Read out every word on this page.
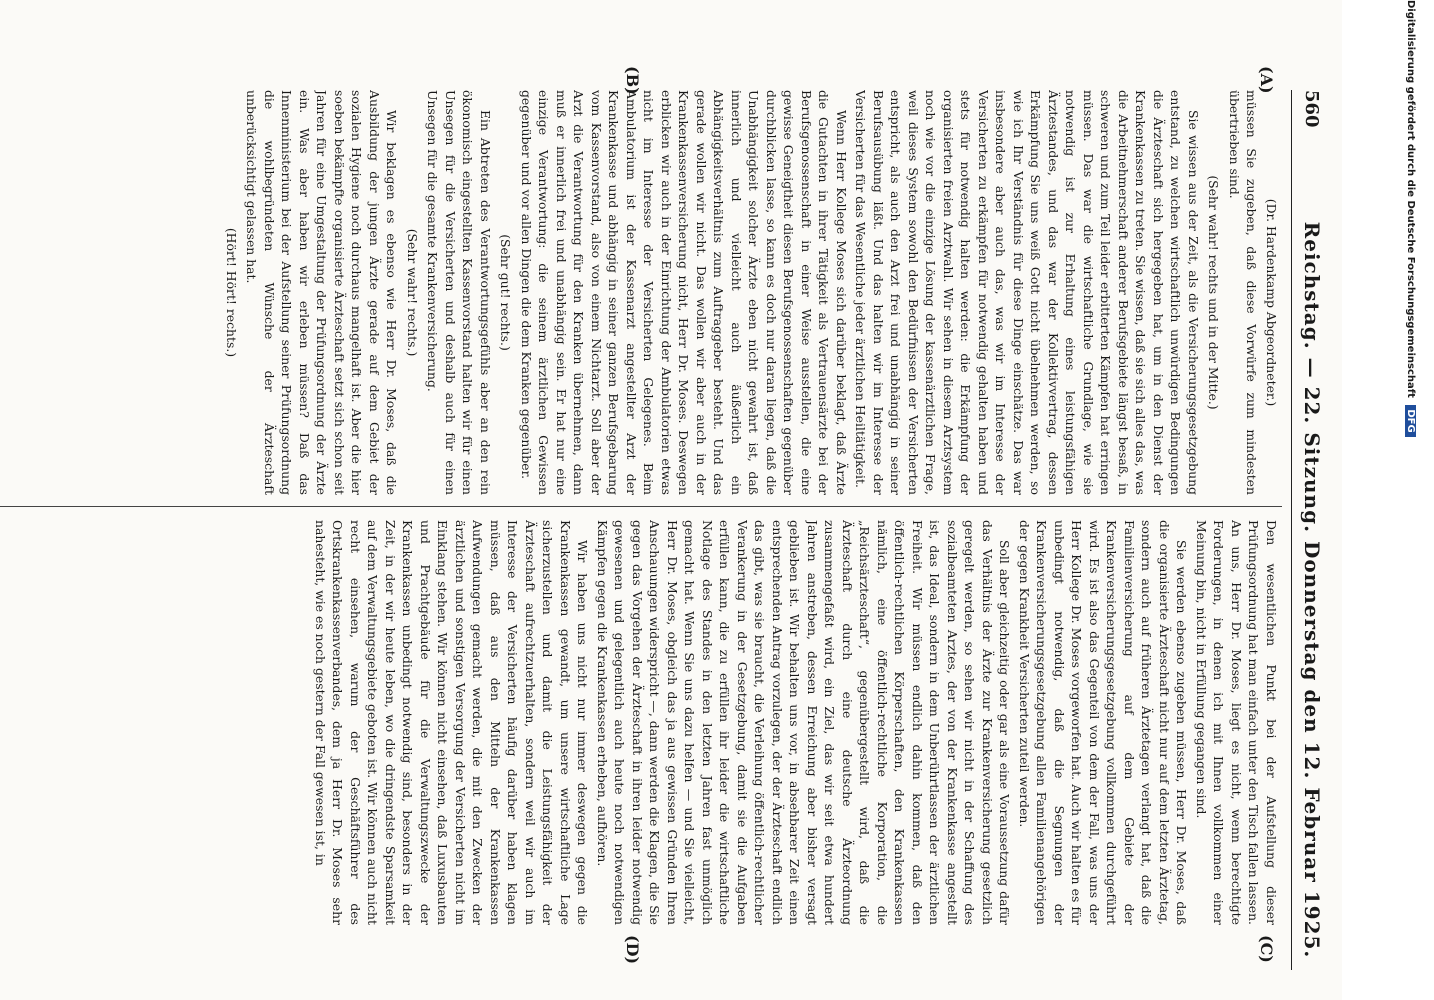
560
Reichstag. — 22. Sitzung. Donnerstag den 12. Februar 1925.

(Dr. Hardenkamp Abgeordneter.)

müssen Sie zugeben, daß diese Vorwürfe zum mindesten übertrieben sind.

(Sehr wahr! rechts und in der Mitte.)

Sie wissen aus der Zeit, als die Versicherungsgesetzgebung entstand, zu welchen wirtschaftlich unwürdigen Bedingungen die Ärzteschaft sich hergegeben hat, um in den Dienst der Krankenkassen zu treten. Sie wissen, daß sie sich alles das, was die Arbeitnehmerschaft anderer Berufsgebiete längst besaß, in schweren und zum Teil leider erbitterten Kämpfen hat erringen müssen. Das war die wirtschaftliche Grundlage, wie sie notwendig ist zur Erhaltung eines leistungsfähigen Ärztestandes, und das war der Kollektivvertrag, dessen Erkämpfung Sie uns weiß Gott nicht übelnehmen werden, so wie ich Ihr Verständnis für diese Dinge einschätze. Das war insbesondere aber auch das, was wir im Interesse der Versicherten zu erkämpfen für notwendig gehalten haben und stets für notwendig halten werden: die Erkämpfung der organisierten freien Arztwahl. Wir sehen in diesem Arztsystem noch wie vor die einzige Lösung der kassenärztlichen Frage, weil dieses System sowohl den Bedürfnissen der Versicherten entspricht, als auch den Arzt frei und unabhängig in seiner Berufsausübung läßt. Und das halten wir im Interesse der Versicherten für das Wesentliche jeder ärztlichen Heiltätigkeit.

Wenn Herr Kollege Moses sich darüber beklagt, daß Ärzte die Gutachten in ihrer Tätigkeit als Vertrauensärzte bei der Berufsgenossenschaft in einer Weise ausstellen, die eine gewisse Geneigtheit diesen Berufsgenossenschaften gegenüber durchblicken lasse, so kann es doch nur daran liegen, daß die Unabhängigkeit solcher Ärzte eben nicht gewahrt ist, daß innerlich und vielleicht auch äußerlich ein Abhängigkeitsverhältnis zum Auftraggeber besteht. Und das gerade wollen wir nicht. Das wollen wir aber auch in der Krankenkassenversicherung nicht, Herr Dr. Moses. Deswegen erblicken wir auch in der Einrichtung der Ambulatorien etwas nicht im Interesse der Versicherten Gelegenes. Beim Ambulatorium ist der Kassenarzt angestellter Arzt der Krankenkasse und abhängig in seiner ganzen Berufsgebarung vom Kassenvorstand, also von einem Nichtarzt. Soll aber der Arzt die Verantwortung für den Kranken übernehmen, dann muß er innerlich frei und unabhängig sein. Er hat nur eine einzige Verantwortung: die seinem ärztlichen Gewissen gegenüber und vor allen Dingen die dem Kranken gegenüber.

(Sehr gut! rechts.)

Ein Abtreten des Verantwortungsgefühls aber an den rein ökonomisch eingestellten Kassenvorstand halten wir für einen Unsegen für die Versicherten und deshalb auch für einen Unsegen für die gesamte Krankenversicherung.

(Sehr wahr! rechts.)

Wir beklagen es ebenso wie Herr Dr. Moses, daß die Ausbildung der jungen Ärzte gerade auf dem Gebiet der sozialen Hygiene noch durchaus mangelhaft ist. Aber die hier soeben bekämpfte organisierte Ärzteschaft setzt sich schon seit Jahren für eine Umgestaltung der Prüfungsordnung der Ärzte ein. Was aber haben wir erleben müssen? Daß das Innenministerium bei der Aufstellung seiner Prüfungsordnung die wohlbegründeten Wünsche der Ärzteschaft unberücksichtigt gelassen hat.

(Hört! Hört! rechts.)

Den wesentlichen Punkt bei der Aufstellung dieser Prüfungsordnung hat man einfach unter den Tisch fallen lassen. An uns, Herr Dr. Moses, liegt es nicht, wenn berechtigte Forderungen, in denen ich mit Ihnen vollkommen einer Meinung bin, nicht in Erfüllung gegangen sind.

Sie werden ebenso zugeben müssen, Herr Dr. Moses, daß die organisierte Ärzteschaft nicht nur auf dem letzten Ärztetag, sondern auch auf früheren Ärztetagen verlangt hat, daß die Familienversicherung auf dem Gebiete der Krankenversicherungsgesetzgebung vollkommen durchgeführt wird. Es ist also das Gegenteil von dem der Fall, was uns der Herr Kollege Dr. Moses vorgeworfen hat. Auch wir halten es für unbedingt notwendig, daß die Segnungen der Krankenversicherungsgesetzgebung allen Familienangehörigen der gegen Krankheit Versicherten zuteil werden.

Soll aber gleichzeitig oder gar als eine Voraussetzung dafür das Verhältnis der Ärzte zur Krankenversicherung gesetzlich geregelt werden, so sehen wir nicht in der Schaffung des sozialbeamteten Arztes, der von der Krankenkasse angestellt ist, das Ideal, sondern in dem Unberührtlassen der ärztlichen Freiheit. Wir müssen endlich dahin kommen, daß den öffentlich-rechtlichen Körperschaften, den Krankenkassen nämlich, eine öffentlich-rechtliche Korporation, die „Reichsärzteschaft“, gegenübergestellt wird, daß die Ärzteschaft durch eine deutsche Ärzteordnung zusammengefaßt wird, ein Ziel, das wir seit etwa hundert Jahren anstreben, dessen Erreichung aber bisher versagt geblieben ist. Wir behalten uns vor, in absehbarer Zeit einen entsprechenden Antrag vorzulegen, der der Ärzteschaft endlich das gibt, was sie braucht, die Verleihung öffentlich-rechtlicher Verankerung in der Gesetzgebung, damit sie die Aufgaben erfüllen kann, die zu erfüllen ihr leider die wirtschaftliche Notlage des Standes in den letzten Jahren fast unmöglich gemacht hat. Wenn Sie uns dazu helfen — und Sie vielleicht, Herr Dr. Moses, obgleich das ja aus gewissen Gründen Ihren Anschauungen widerspricht —, dann werden die Klagen, die Sie gegen das Vorgehen der Ärzteschaft in ihren leider notwendig gewesenen und gelegentlich auch heute noch notwendigen Kämpfen gegen die Krankenkassen erheben, aufhören.

Wir haben uns nicht nur immer deswegen gegen die Krankenkassen gewandt, um unsere wirtschaftliche Lage sicherzustellen und damit die Leistungsfähigkeit der Ärzteschaft aufrechtzuerhalten, sondern weil wir auch im Interesse der Versicherten häufig darüber haben klagen müssen, daß aus den Mitteln der Krankenkassen Aufwendungen gemacht werden, die mit den Zwecken der ärztlichen und sonstigen Versorgung der Versicherten nicht im Einklang stehen. Wir können nicht einsehen, daß Luxusbauten und Prachtgebäude für die Verwaltungszwecke der Krankenkassen unbedingt notwendig sind, besonders in der Zeit, in der wir heute leben, wo die dringendste Sparsamkeit auf dem Verwaltungsgebiete geboten ist. Wir können auch nicht recht einsehen, warum der Geschäftsführer des Ortskrankenkassenverbandes, dem ja Herr Dr. Moses sehr nahesteht, wie es noch gestern der Fall gewesen ist, in

(A)
(B)
(C)
(D)
Digitalisierung gefördert durch die Deutsche Forschungsgemeinschaft DFG
